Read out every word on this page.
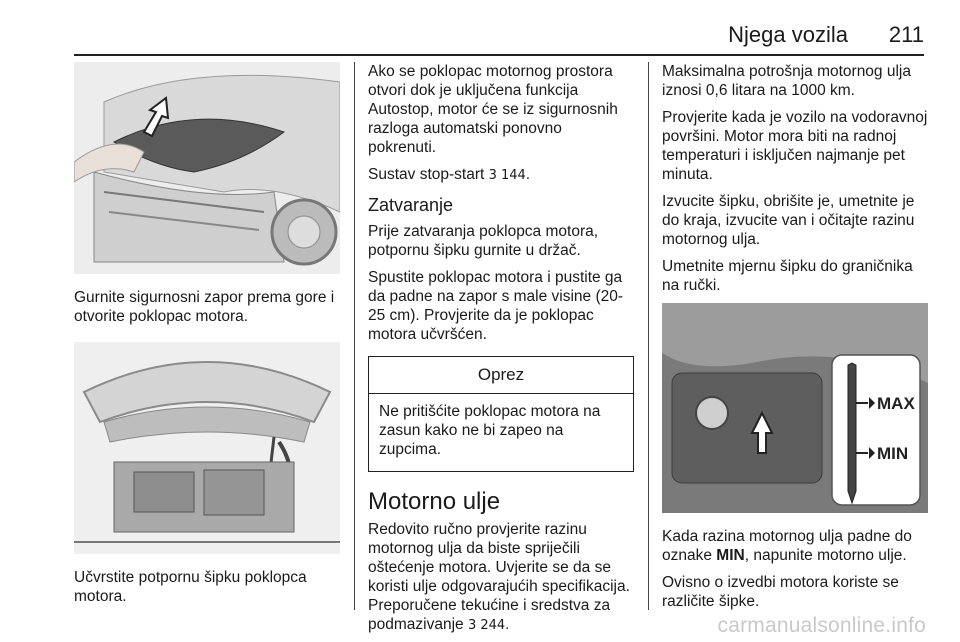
Njega vozila 211

Gurnite sigurnosni zapor prema gore i otvorite poklopac motora.

Učvrstite potpornu šipku poklopca motora.

Ako se poklopac motornog prostora otvori dok je uključena funkcija Autostop, motor će se iz sigurnosnih razloga automatski ponovno pokrenuti.

Sustav stop-start 3 144.

Zatvaranje

Prije zatvaranja poklopca motora, potpornu šipku gurnite u držač.

Spustite poklopac motora i pustite ga da padne na zapor s male visine (20-25 cm). Provjerite da je poklopac motora učvršćen.

Oprez

Ne pritišćite poklopac motora na zasun kako ne bi zapeo na zupcima.

Motorno ulje

Redovito ručno provjerite razinu motornog ulja da biste spriječili oštećenje motora. Uvjerite se da se koristi ulje odgovarajućih specifikacija. Preporučene tekućine i sredstva za podmazivanje 3 244.

Maksimalna potrošnja motornog ulja iznosi 0,6 litara na 1000 km.

Provjerite kada je vozilo na vodoravnoj površini. Motor mora biti na radnoj temperaturi i isključen najmanje pet minuta.

Izvucite šipku, obrišite je, umetnite je do kraja, izvucite van i očitajte razinu motornog ulja.

Umetnite mjernu šipku do graničnika na ručki.

MAX
MIN

Kada razina motornog ulja padne do oznake MIN, napunite motorno ulje.

Ovisno o izvedbi motora koriste se različite šipke.

carmanualsonline.info
